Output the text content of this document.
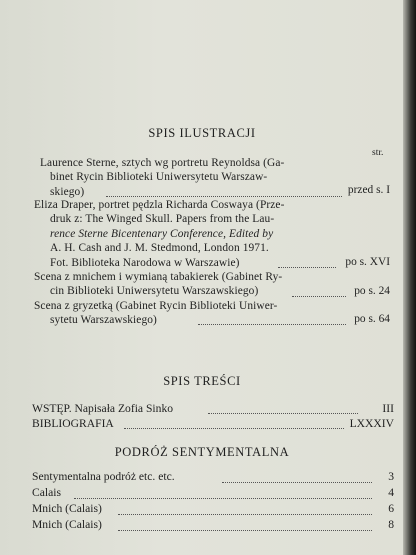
SPIS ILUSTRACJI
str.
Laurence Sterne, sztych wg portretu Reynoldsa (Ga-
binet Rycin Biblioteki Uniwersytetu Warszaw-
skiego)	przed s. I
Eliza Draper, portret pędzla Richarda Coswaya (Prze-
druk z: The Winged Skull. Papers from the Lau-
rence Sterne Bicentenary Conference, Edited by
A. H. Cash and J. M. Stedmond, London 1971.
Fot. Biblioteka Narodowa w Warszawie)	po s. XVI
Scena z mnichem i wymianą tabakierek (Gabinet Ry-
cin Biblioteki Uniwersytetu Warszawskiego)	po s. 24
Scena z gryzetką (Gabinet Rycin Biblioteki Uniwer-
sytetu Warszawskiego)	po s. 64
SPIS TREŚCI
WSTĘP. Napisała Zofia Sinko	III
BIBLIOGRAFIA	LXXXIV
PODRÓŻ SENTYMENTALNA
Sentymentalna podróż etc. etc.	3
Calais	4
Mnich (Calais)	6
Mnich (Calais)	8
